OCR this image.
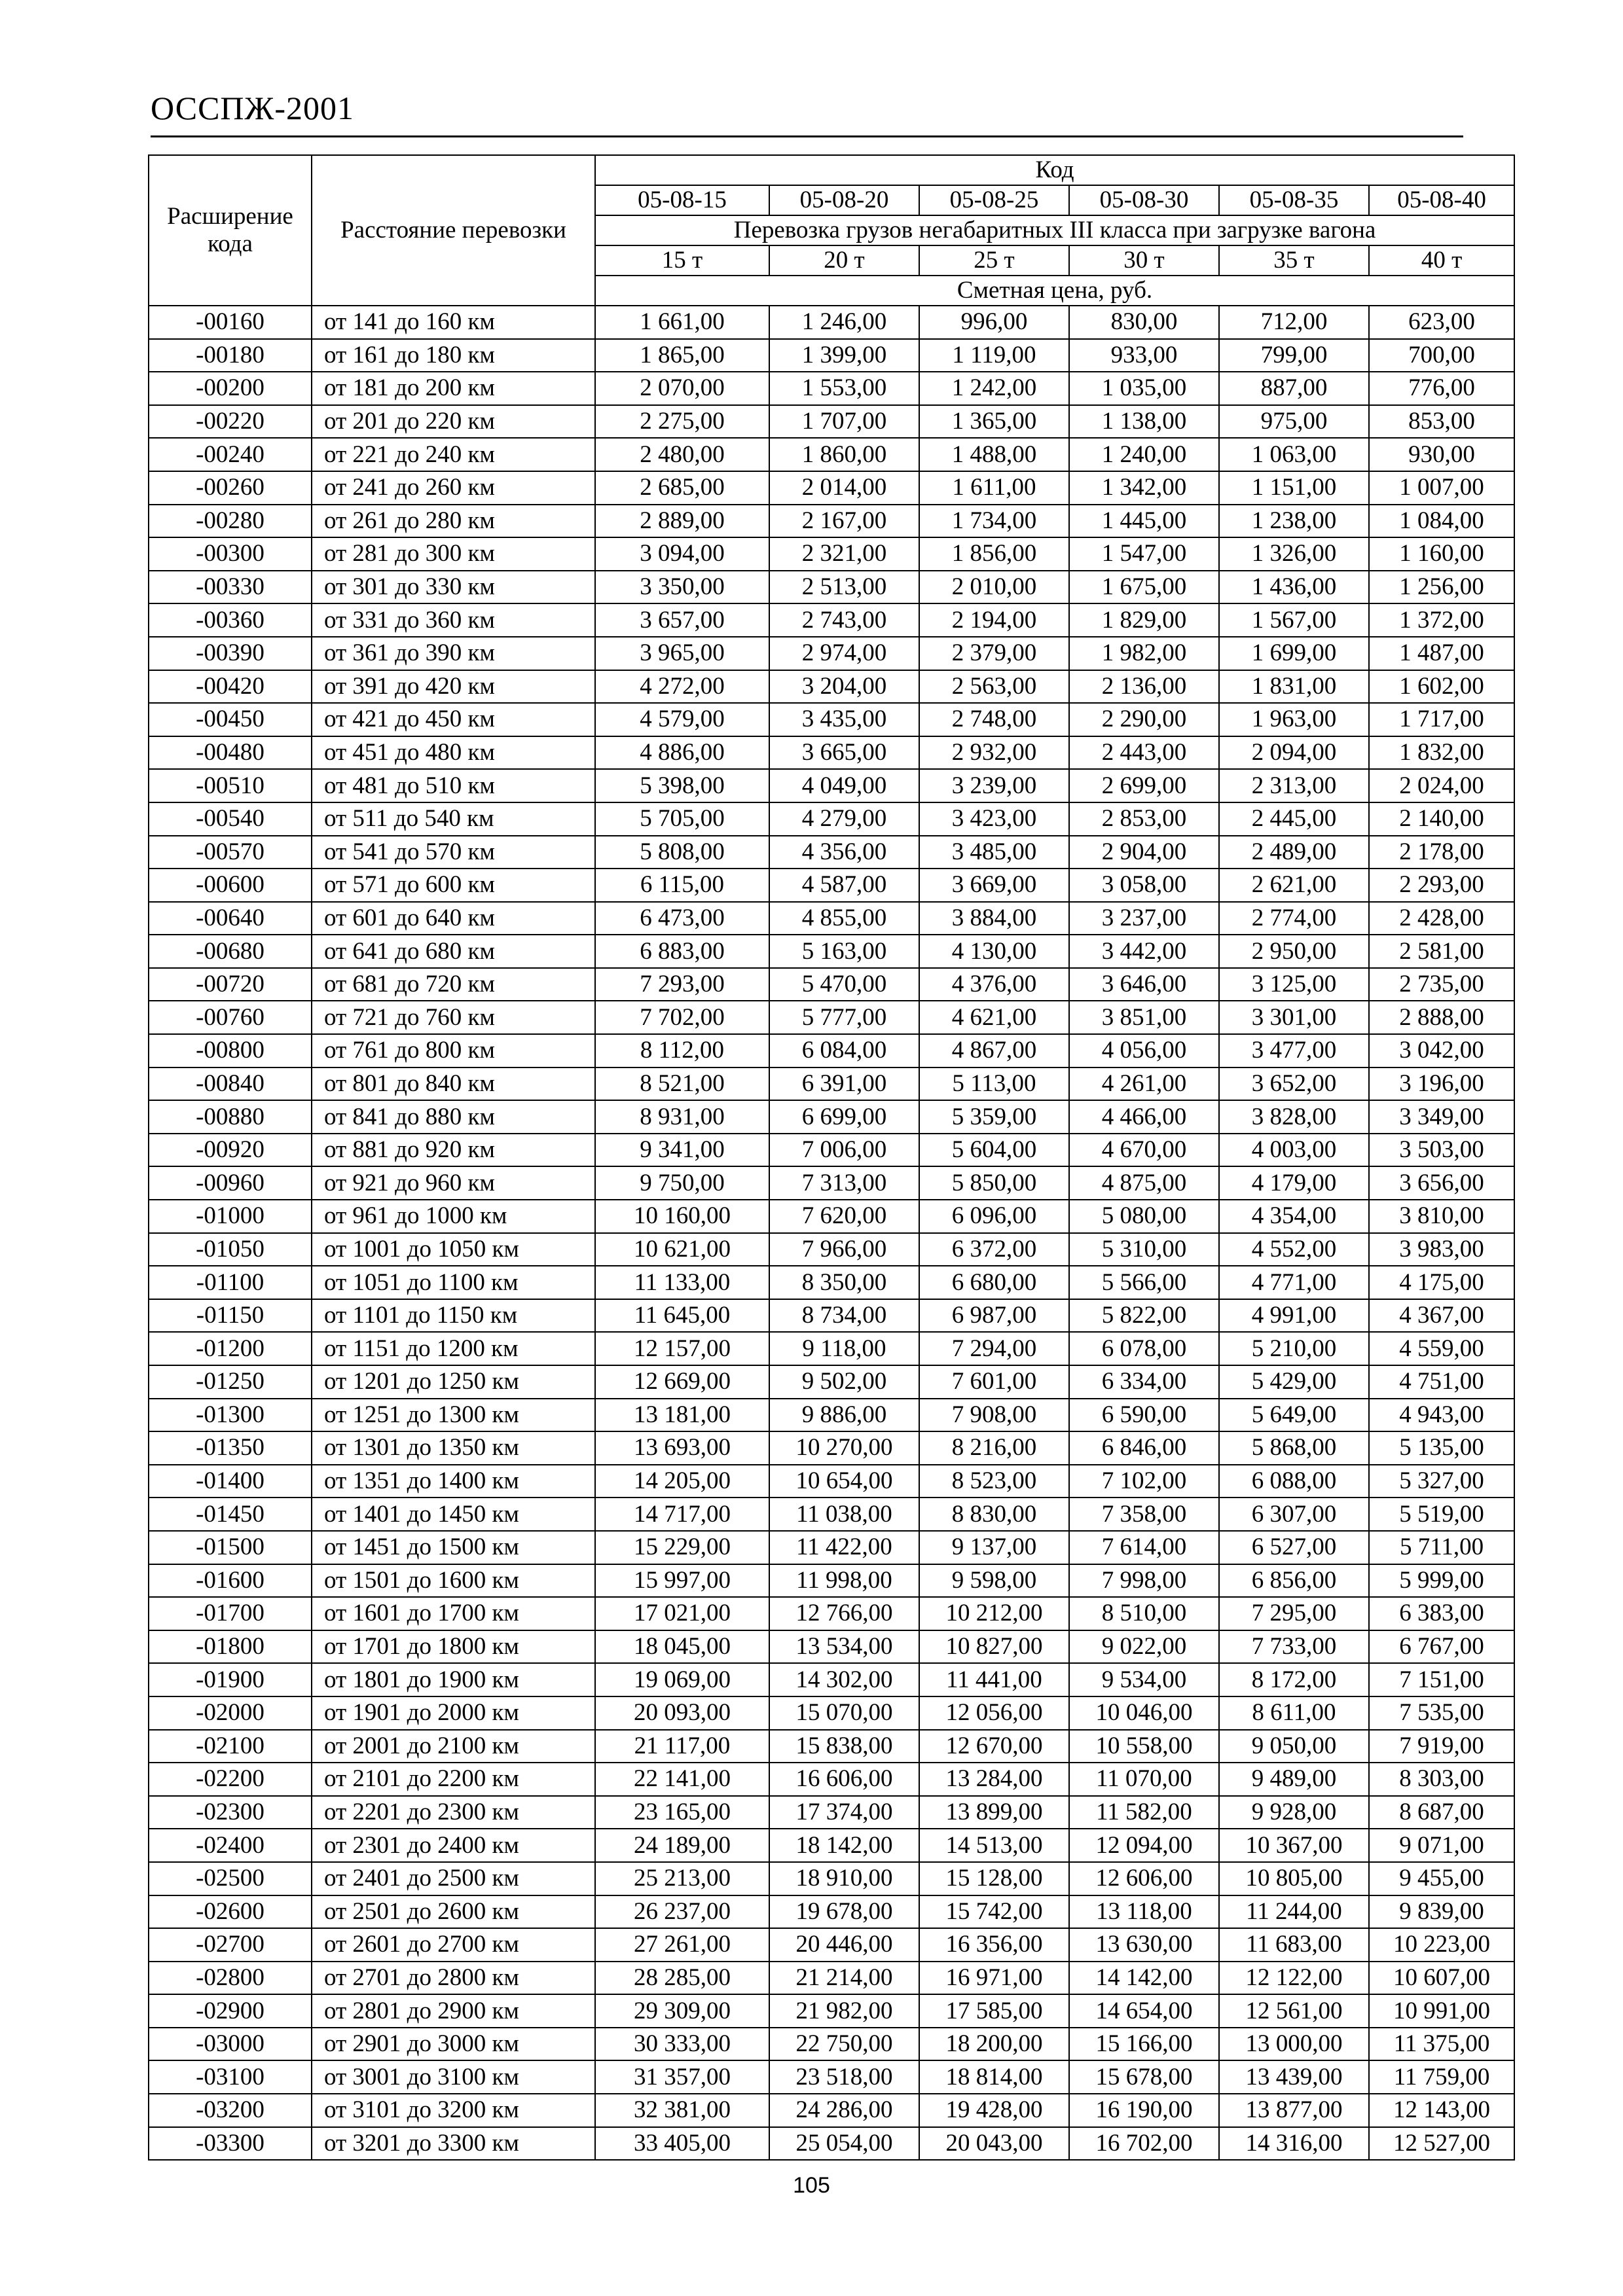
ОССПЖ-2001
Расширение кода	Расстояние перевозки	Код					
		05-08-15	05-08-20	05-08-25	05-08-30	05-08-35	05-08-40
		Перевозка грузов негабаритных III класса при загрузке вагона					
		15 т	20 т	25 т	30 т	35 т	40 т
		Сметная цена, руб.					
-00160	от 141 до 160 км	1 661,00	1 246,00	996,00	830,00	712,00	623,00
-00180	от 161 до 180 км	1 865,00	1 399,00	1 119,00	933,00	799,00	700,00
-00200	от 181 до 200 км	2 070,00	1 553,00	1 242,00	1 035,00	887,00	776,00
-00220	от 201 до 220 км	2 275,00	1 707,00	1 365,00	1 138,00	975,00	853,00
-00240	от 221 до 240 км	2 480,00	1 860,00	1 488,00	1 240,00	1 063,00	930,00
-00260	от 241 до 260 км	2 685,00	2 014,00	1 611,00	1 342,00	1 151,00	1 007,00
-00280	от 261 до 280 км	2 889,00	2 167,00	1 734,00	1 445,00	1 238,00	1 084,00
-00300	от 281 до 300 км	3 094,00	2 321,00	1 856,00	1 547,00	1 326,00	1 160,00
-00330	от 301 до 330 км	3 350,00	2 513,00	2 010,00	1 675,00	1 436,00	1 256,00
-00360	от 331 до 360 км	3 657,00	2 743,00	2 194,00	1 829,00	1 567,00	1 372,00
-00390	от 361 до 390 км	3 965,00	2 974,00	2 379,00	1 982,00	1 699,00	1 487,00
-00420	от 391 до 420 км	4 272,00	3 204,00	2 563,00	2 136,00	1 831,00	1 602,00
-00450	от 421 до 450 км	4 579,00	3 435,00	2 748,00	2 290,00	1 963,00	1 717,00
-00480	от 451 до 480 км	4 886,00	3 665,00	2 932,00	2 443,00	2 094,00	1 832,00
-00510	от 481 до 510 км	5 398,00	4 049,00	3 239,00	2 699,00	2 313,00	2 024,00
-00540	от 511 до 540 км	5 705,00	4 279,00	3 423,00	2 853,00	2 445,00	2 140,00
-00570	от 541 до 570 км	5 808,00	4 356,00	3 485,00	2 904,00	2 489,00	2 178,00
-00600	от 571 до 600 км	6 115,00	4 587,00	3 669,00	3 058,00	2 621,00	2 293,00
-00640	от 601 до 640 км	6 473,00	4 855,00	3 884,00	3 237,00	2 774,00	2 428,00
-00680	от 641 до 680 км	6 883,00	5 163,00	4 130,00	3 442,00	2 950,00	2 581,00
-00720	от 681 до 720 км	7 293,00	5 470,00	4 376,00	3 646,00	3 125,00	2 735,00
-00760	от 721 до 760 км	7 702,00	5 777,00	4 621,00	3 851,00	3 301,00	2 888,00
-00800	от 761 до 800 км	8 112,00	6 084,00	4 867,00	4 056,00	3 477,00	3 042,00
-00840	от 801 до 840 км	8 521,00	6 391,00	5 113,00	4 261,00	3 652,00	3 196,00
-00880	от 841 до 880 км	8 931,00	6 699,00	5 359,00	4 466,00	3 828,00	3 349,00
-00920	от 881 до 920 км	9 341,00	7 006,00	5 604,00	4 670,00	4 003,00	3 503,00
-00960	от 921 до 960 км	9 750,00	7 313,00	5 850,00	4 875,00	4 179,00	3 656,00
-01000	от 961 до 1000 км	10 160,00	7 620,00	6 096,00	5 080,00	4 354,00	3 810,00
-01050	от 1001 до 1050 км	10 621,00	7 966,00	6 372,00	5 310,00	4 552,00	3 983,00
-01100	от 1051 до 1100 км	11 133,00	8 350,00	6 680,00	5 566,00	4 771,00	4 175,00
-01150	от 1101 до 1150 км	11 645,00	8 734,00	6 987,00	5 822,00	4 991,00	4 367,00
-01200	от 1151 до 1200 км	12 157,00	9 118,00	7 294,00	6 078,00	5 210,00	4 559,00
-01250	от 1201 до 1250 км	12 669,00	9 502,00	7 601,00	6 334,00	5 429,00	4 751,00
-01300	от 1251 до 1300 км	13 181,00	9 886,00	7 908,00	6 590,00	5 649,00	4 943,00
-01350	от 1301 до 1350 км	13 693,00	10 270,00	8 216,00	6 846,00	5 868,00	5 135,00
-01400	от 1351 до 1400 км	14 205,00	10 654,00	8 523,00	7 102,00	6 088,00	5 327,00
-01450	от 1401 до 1450 км	14 717,00	11 038,00	8 830,00	7 358,00	6 307,00	5 519,00
-01500	от 1451 до 1500 км	15 229,00	11 422,00	9 137,00	7 614,00	6 527,00	5 711,00
-01600	от 1501 до 1600 км	15 997,00	11 998,00	9 598,00	7 998,00	6 856,00	5 999,00
-01700	от 1601 до 1700 км	17 021,00	12 766,00	10 212,00	8 510,00	7 295,00	6 383,00
-01800	от 1701 до 1800 км	18 045,00	13 534,00	10 827,00	9 022,00	7 733,00	6 767,00
-01900	от 1801 до 1900 км	19 069,00	14 302,00	11 441,00	9 534,00	8 172,00	7 151,00
-02000	от 1901 до 2000 км	20 093,00	15 070,00	12 056,00	10 046,00	8 611,00	7 535,00
-02100	от 2001 до 2100 км	21 117,00	15 838,00	12 670,00	10 558,00	9 050,00	7 919,00
-02200	от 2101 до 2200 км	22 141,00	16 606,00	13 284,00	11 070,00	9 489,00	8 303,00
-02300	от 2201 до 2300 км	23 165,00	17 374,00	13 899,00	11 582,00	9 928,00	8 687,00
-02400	от 2301 до 2400 км	24 189,00	18 142,00	14 513,00	12 094,00	10 367,00	9 071,00
-02500	от 2401 до 2500 км	25 213,00	18 910,00	15 128,00	12 606,00	10 805,00	9 455,00
-02600	от 2501 до 2600 км	26 237,00	19 678,00	15 742,00	13 118,00	11 244,00	9 839,00
-02700	от 2601 до 2700 км	27 261,00	20 446,00	16 356,00	13 630,00	11 683,00	10 223,00
-02800	от 2701 до 2800 км	28 285,00	21 214,00	16 971,00	14 142,00	12 122,00	10 607,00
-02900	от 2801 до 2900 км	29 309,00	21 982,00	17 585,00	14 654,00	12 561,00	10 991,00
-03000	от 2901 до 3000 км	30 333,00	22 750,00	18 200,00	15 166,00	13 000,00	11 375,00
-03100	от 3001 до 3100 км	31 357,00	23 518,00	18 814,00	15 678,00	13 439,00	11 759,00
-03200	от 3101 до 3200 км	32 381,00	24 286,00	19 428,00	16 190,00	13 877,00	12 143,00
-03300	от 3201 до 3300 км	33 405,00	25 054,00	20 043,00	16 702,00	14 316,00	12 527,00
105
